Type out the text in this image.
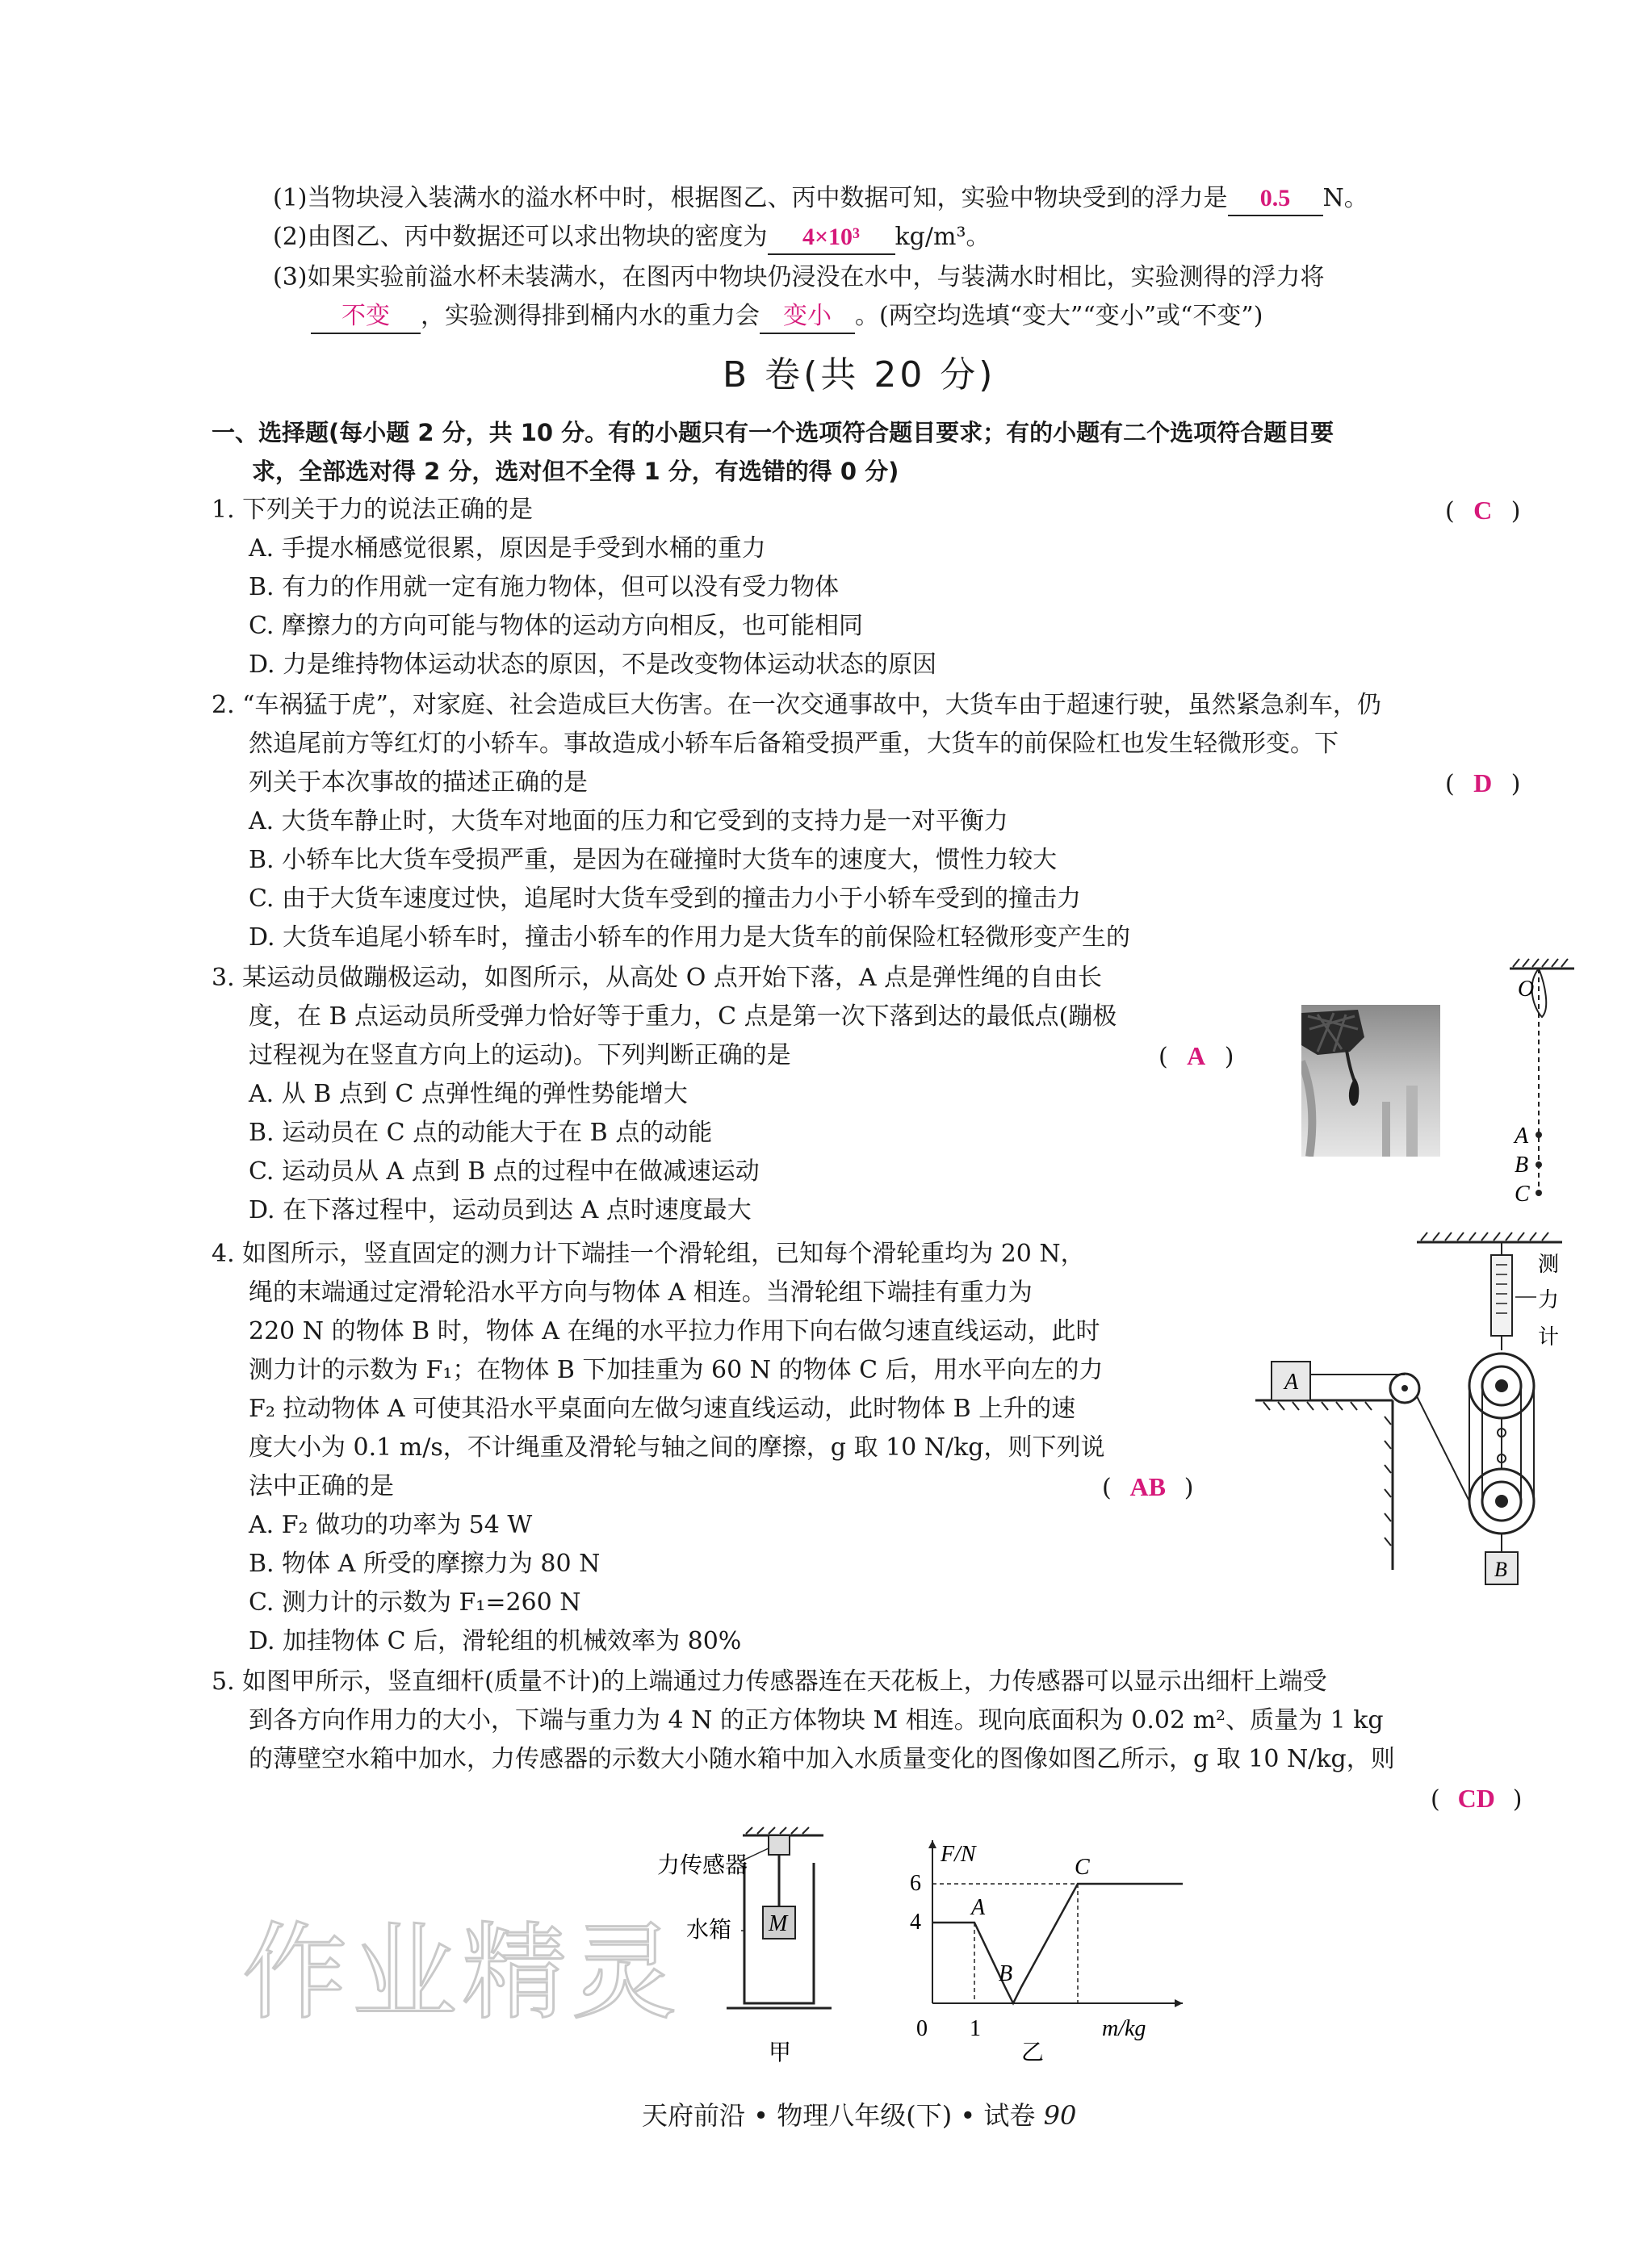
(1)当物块浸入装满水的溢水杯中时，根据图乙、丙中数据可知，实验中物块受到的浮力是 0.5 N。
(2)由图乙、丙中数据还可以求出物块的密度为 4×10³ kg/m³。
(3)如果实验前溢水杯未装满水，在图丙中物块仍浸没在水中，与装满水时相比，实验测得的浮力将
不变 ，实验测得排到桶内水的重力会 变小 。(两空均选填“变大”“变小”或“不变”)
B 卷(共 20 分)
一、选择题(每小题 2 分，共 10 分。有的小题只有一个选项符合题目要求；有的小题有二个选项符合题目要
求，全部选对得 2 分，选对但不全得 1 分，有选错的得 0 分)
1. 下列关于力的说法正确的是	( C )
A. 手提水桶感觉很累，原因是手受到水桶的重力
B. 有力的作用就一定有施力物体，但可以没有受力物体
C. 摩擦力的方向可能与物体的运动方向相反，也可能相同
D. 力是维持物体运动状态的原因，不是改变物体运动状态的原因
2. “车祸猛于虎”，对家庭、社会造成巨大伤害。在一次交通事故中，大货车由于超速行驶，虽然紧急刹车，仍
然追尾前方等红灯的小轿车。事故造成小轿车后备箱受损严重，大货车的前保险杠也发生轻微形变。下
列关于本次事故的描述正确的是	( D )
A. 大货车静止时，大货车对地面的压力和它受到的支持力是一对平衡力
B. 小轿车比大货车受损严重，是因为在碰撞时大货车的速度大，惯性力较大
C. 由于大货车速度过快，追尾时大货车受到的撞击力小于小轿车受到的撞击力
D. 大货车追尾小轿车时，撞击小轿车的作用力是大货车的前保险杠轻微形变产生的
3. 某运动员做蹦极运动，如图所示，从高处 O 点开始下落，A 点是弹性绳的自由长
度，在 B 点运动员所受弹力恰好等于重力，C 点是第一次下落到达的最低点(蹦极
过程视为在竖直方向上的运动)。下列判断正确的是	( A )
A. 从 B 点到 C 点弹性绳的弹性势能增大
B. 运动员在 C 点的动能大于在 B 点的动能
C. 运动员从 A 点到 B 点的过程中在做减速运动
D. 在下落过程中，运动员到达 A 点时速度最大
O
A
B
C
4. 如图所示，竖直固定的测力计下端挂一个滑轮组，已知每个滑轮重均为 20 N，
绳的末端通过定滑轮沿水平方向与物体 A 相连。当滑轮组下端挂有重力为
220 N 的物体 B 时，物体 A 在绳的水平拉力作用下向右做匀速直线运动，此时
测力计的示数为 F₁；在物体 B 下加挂重为 60 N 的物体 C 后，用水平向左的力
F₂ 拉动物体 A 可使其沿水平桌面向左做匀速直线运动，此时物体 B 上升的速
度大小为 0.1 m/s，不计绳重及滑轮与轴之间的摩擦，g 取 10 N/kg，则下列说
法中正确的是	( AB )
A. F₂ 做功的功率为 54 W
B. 物体 A 所受的摩擦力为 80 N
C. 测力计的示数为 F₁=260 N
D. 加挂物体 C 后，滑轮组的机械效率为 80%
测
力
计
A
B
5. 如图甲所示，竖直细杆(质量不计)的上端通过力传感器连在天花板上，力传感器可以显示出细杆上端受
到各方向作用力的大小，下端与重力为 4 N 的正方体物块 M 相连。现向底面积为 0.02 m²、质量为 1 kg
的薄壁空水箱中加水，力传感器的示数大小随水箱中加入水质量变化的图像如图乙所示，g 取 10 N/kg，则
( CD )
作业精灵	M
力传感器
水箱
甲
F/N
m/kg
6
4
0 1
A
B
C
乙
天府前沿 • 物理八年级(下) • 试卷 90
